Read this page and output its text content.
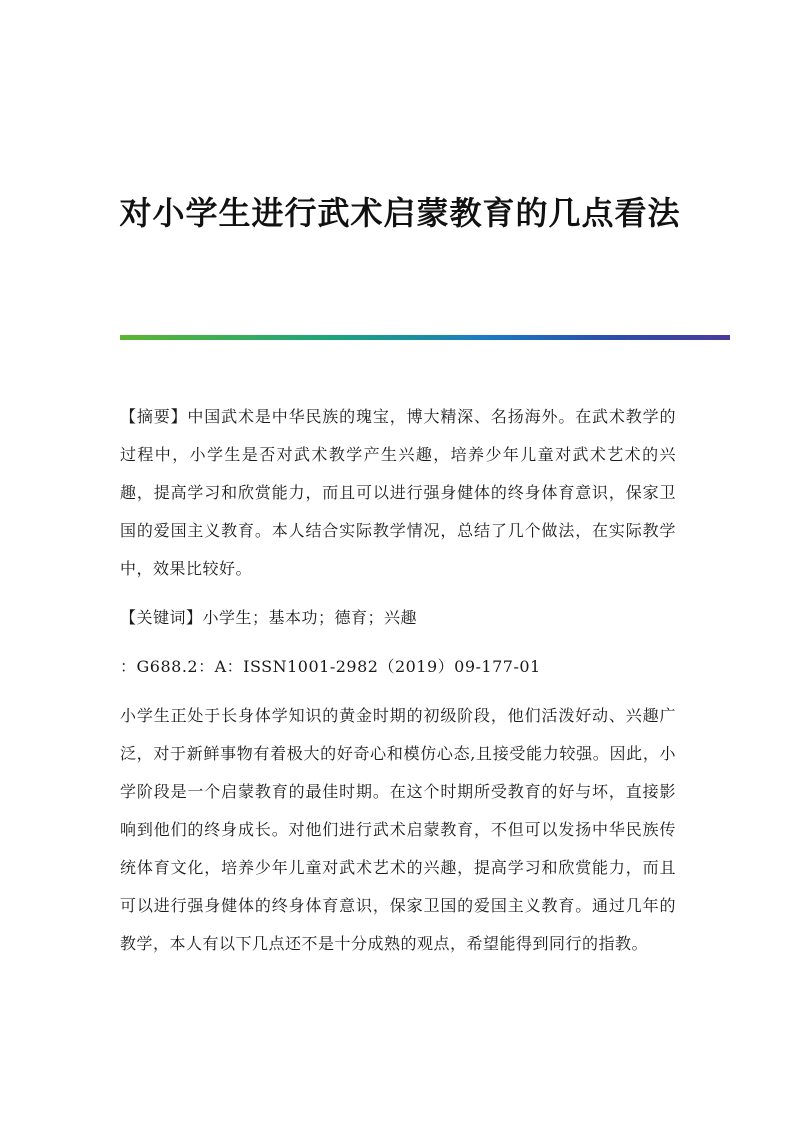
对小学生进行武术启蒙教育的几点看法

【摘要】中国武术是中华民族的瑰宝，博大精深、名扬海外。在武术教学的过程中，小学生是否对武术教学产生兴趣，培养少年儿童对武术艺术的兴趣，提高学习和欣赏能力，而且可以进行强身健体的终身体育意识，保家卫国的爱国主义教育。本人结合实际教学情况，总结了几个做法，在实际教学中，效果比较好。

【关键词】小学生；基本功；德育；兴趣

：G688.2：A：ISSN1001-2982（2019）09-177-01

小学生正处于长身体学知识的黄金时期的初级阶段，他们活泼好动、兴趣广泛，对于新鲜事物有着极大的好奇心和模仿心态,且接受能力较强。因此，小学阶段是一个启蒙教育的最佳时期。在这个时期所受教育的好与坏，直接影响到他们的终身成长。对他们进行武术启蒙教育，不但可以发扬中华民族传统体育文化，培养少年儿童对武术艺术的兴趣，提高学习和欣赏能力，而且可以进行强身健体的终身体育意识，保家卫国的爱国主义教育。通过几年的教学，本人有以下几点还不是十分成熟的观点，希望能得到同行的指教。
